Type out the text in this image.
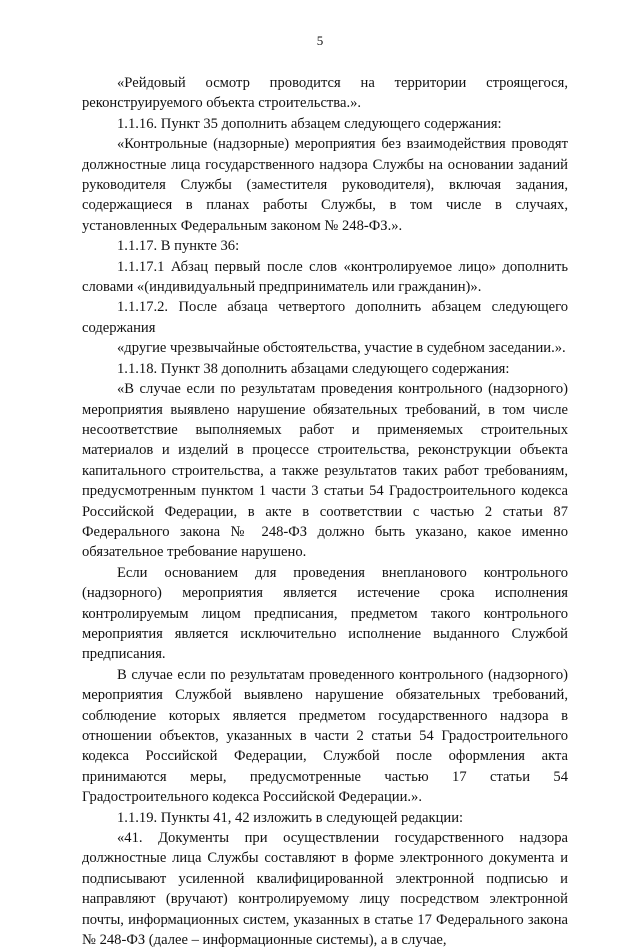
5

«Рейдовый осмотр проводится на территории строящегося, реконструируемого объекта строительства.».

1.1.16. Пункт 35 дополнить абзацем следующего содержания:

«Контрольные (надзорные) мероприятия без взаимодействия проводят должностные лица государственного надзора Службы на основании заданий руководителя Службы (заместителя руководителя), включая задания, содержащиеся в планах работы Службы, в том числе в случаях, установленных Федеральным законом № 248-ФЗ.».

1.1.17. В пункте 36:

1.1.17.1 Абзац первый после слов «контролируемое лицо» дополнить словами «(индивидуальный предприниматель или гражданин)».

1.1.17.2. После абзаца четвертого дополнить абзацем следующего содержания

«другие чрезвычайные обстоятельства, участие в судебном заседании.».

1.1.18. Пункт 38 дополнить абзацами следующего содержания:

«В случае если по результатам проведения контрольного (надзорного) мероприятия выявлено нарушение обязательных требований, в том числе несоответствие выполняемых работ и применяемых строительных материалов и изделий в процессе строительства, реконструкции объекта капитального строительства, а также результатов таких работ требованиям, предусмотренным пунктом 1 части 3 статьи 54 Градостроительного кодекса Российской Федерации, в акте в соответствии с частью 2 статьи 87 Федерального закона № 248-ФЗ должно быть указано, какое именно обязательное требование нарушено.

Если основанием для проведения внепланового контрольного (надзорного) мероприятия является истечение срока исполнения контролируемым лицом предписания, предметом такого контрольного мероприятия является исключительно исполнение выданного Службой предписания.

В случае если по результатам проведенного контрольного (надзорного) мероприятия Службой выявлено нарушение обязательных требований, соблюдение которых является предметом государственного надзора в отношении объектов, указанных в части 2 статьи 54 Градостроительного кодекса Российской Федерации, Службой после оформления акта принимаются меры, предусмотренные частью 17 статьи 54 Градостроительного кодекса Российской Федерации.».

1.1.19. Пункты 41, 42 изложить в следующей редакции:

«41. Документы при осуществлении государственного надзора должностные лица Службы составляют в форме электронного документа и подписывают усиленной квалифицированной электронной подписью и направляют (вручают) контролируемому лицу посредством электронной почты, информационных систем, указанных в статье 17 Федерального закона № 248-ФЗ (далее – информационные системы), а в случае,
